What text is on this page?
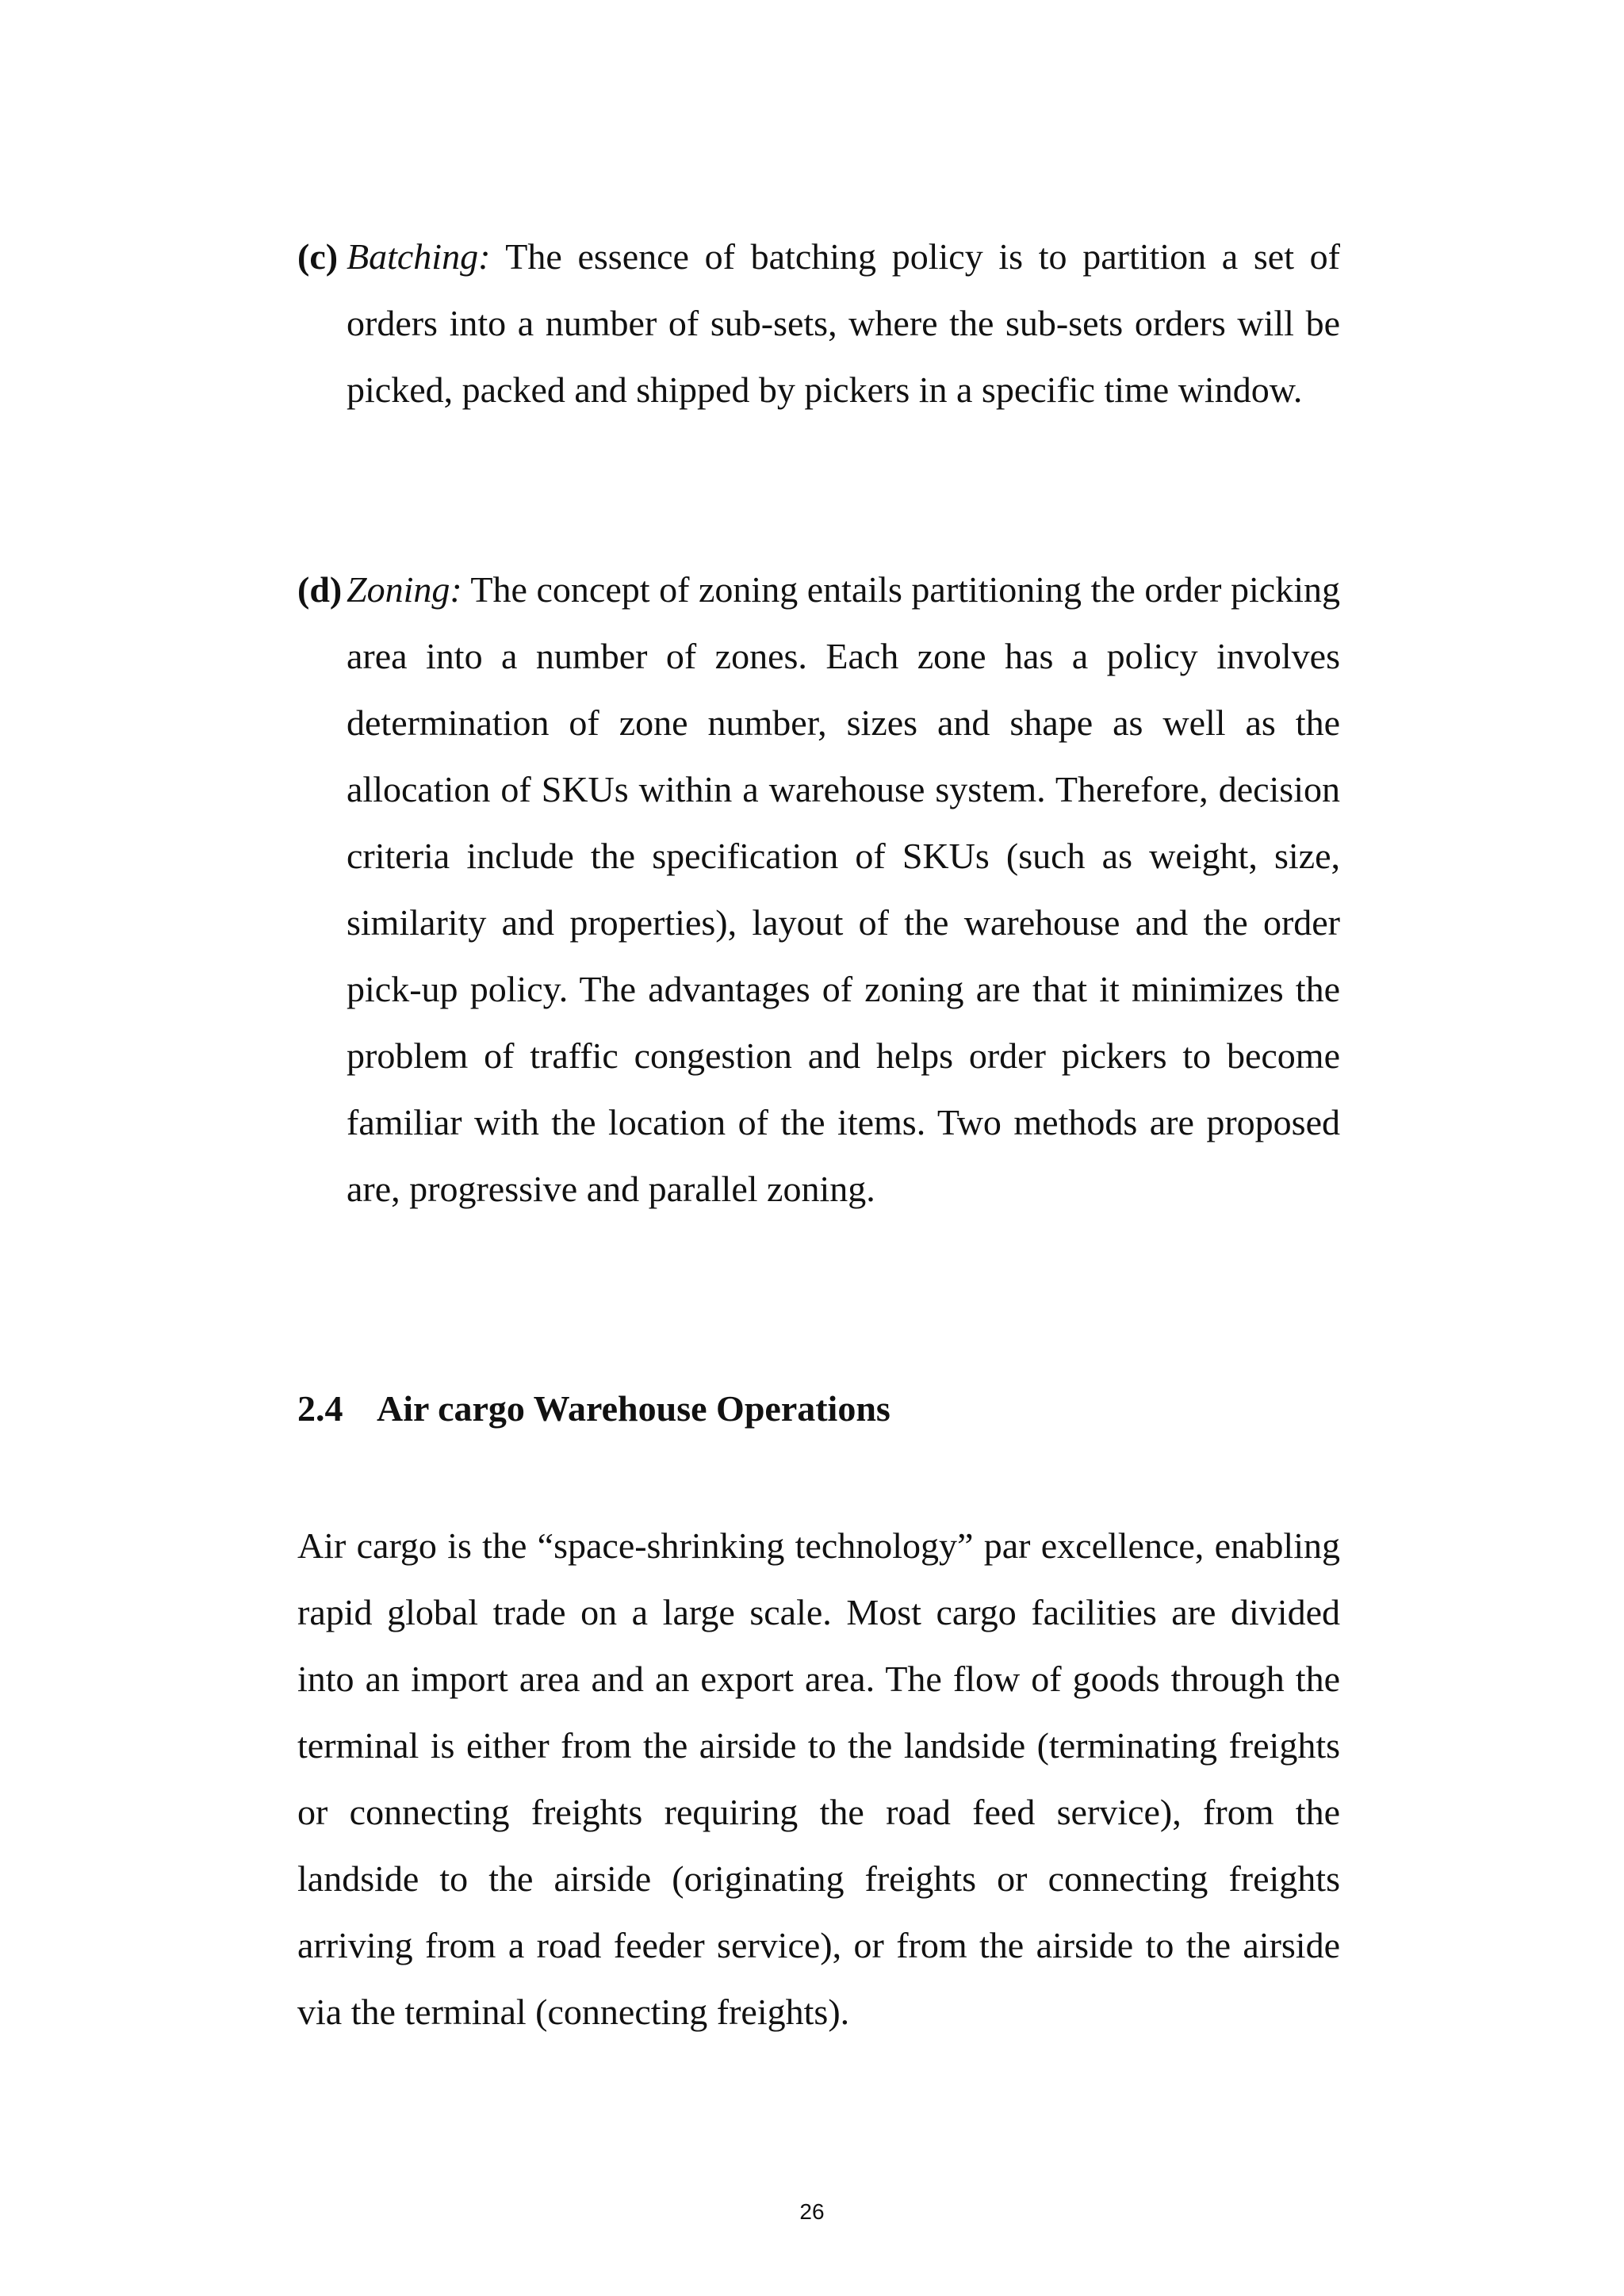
(c) Batching: The essence of batching policy is to partition a set of orders into a number of sub-sets, where the sub-sets orders will be picked, packed and shipped by pickers in a specific time window.

(d) Zoning: The concept of zoning entails partitioning the order picking area into a number of zones. Each zone has a policy involves determination of zone number, sizes and shape as well as the allocation of SKUs within a warehouse system. Therefore, decision criteria include the specification of SKUs (such as weight, size, similarity and properties), layout of the warehouse and the order pick-up policy. The advantages of zoning are that it minimizes the problem of traffic congestion and helps order pickers to become familiar with the location of the items. Two methods are proposed are, progressive and parallel zoning.

2.4 Air cargo Warehouse Operations

Air cargo is the “space-shrinking technology” par excellence, enabling rapid global trade on a large scale. Most cargo facilities are divided into an import area and an export area. The flow of goods through the terminal is either from the airside to the landside (terminating freights or connecting freights requiring the road feed service), from the landside to the airside (originating freights or connecting freights arriving from a road feeder service), or from the airside to the airside via the terminal (connecting freights).

26
